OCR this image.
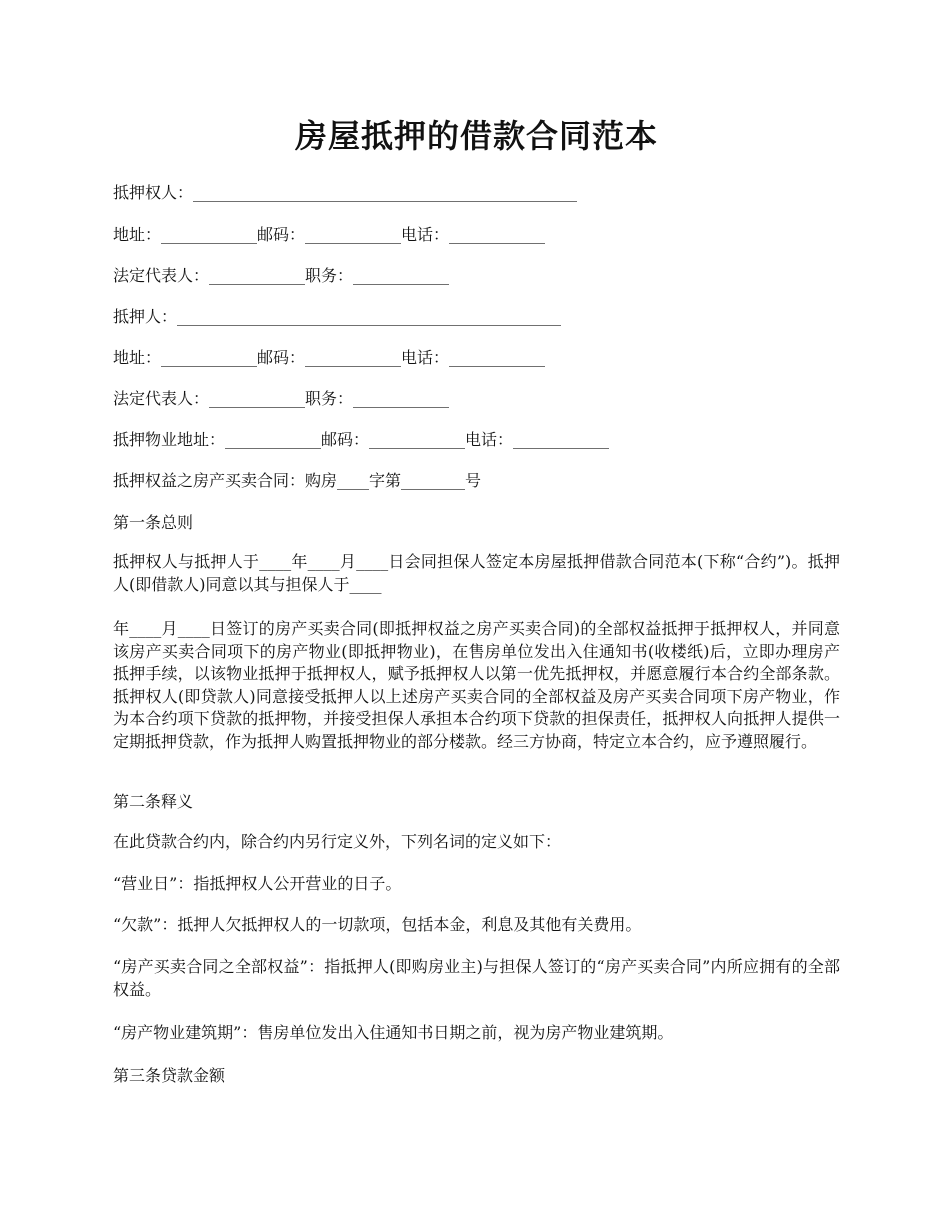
房屋抵押的借款合同范本
抵押权人：________________________________________________
地址：____________邮码：____________电话：____________
法定代表人：____________职务：____________
抵押人：________________________________________________
地址：____________邮码：____________电话：____________
法定代表人：____________职务：____________
抵押物业地址：____________邮码：____________电话：____________
抵押权益之房产买卖合同：购房____字第________号
第一条总则
抵押权人与抵押人于____年____月____日会同担保人签定本房屋抵押借款合同范本(下称“合约”)。抵押人(即借款人)同意以其与担保人于____
年____月____日签订的房产买卖合同(即抵押权益之房产买卖合同)的全部权益抵押于抵押权人，并同意该房产买卖合同项下的房产物业(即抵押物业)，在售房单位发出入住通知书(收楼纸)后，立即办理房产抵押手续，以该物业抵押于抵押权人，赋予抵押权人以第一优先抵押权，并愿意履行本合约全部条款。抵押权人(即贷款人)同意接受抵押人以上述房产买卖合同的全部权益及房产买卖合同项下房产物业，作为本合约项下贷款的抵押物，并接受担保人承担本合约项下贷款的担保责任，抵押权人向抵押人提供一定期抵押贷款，作为抵押人购置抵押物业的部分楼款。经三方协商，特定立本合约，应予遵照履行。
第二条释义
在此贷款合约内，除合约内另行定义外，下列名词的定义如下：
“营业日”：指抵押权人公开营业的日子。
“欠款”：抵押人欠抵押权人的一切款项，包括本金，利息及其他有关费用。
“房产买卖合同之全部权益”：指抵押人(即购房业主)与担保人签订的“房产买卖合同”内所应拥有的全部权益。
“房产物业建筑期”：售房单位发出入住通知书日期之前，视为房产物业建筑期。
第三条贷款金额
